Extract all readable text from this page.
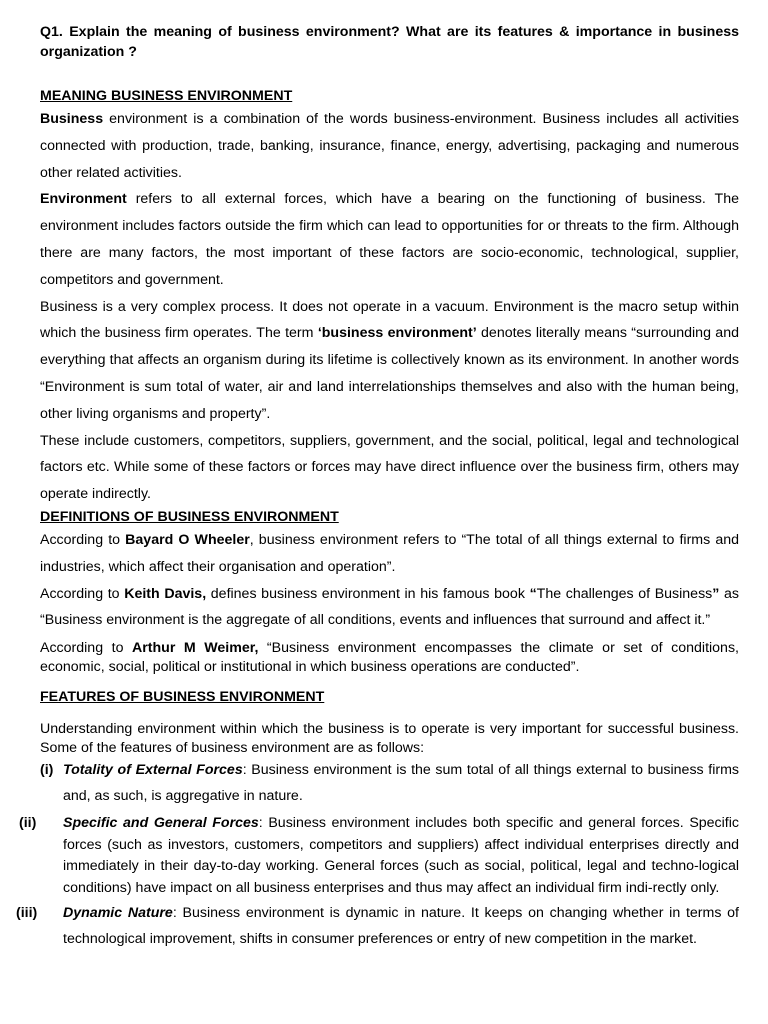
Q1. Explain the meaning of business environment? What are its features & importance in business organization ?

MEANING BUSINESS ENVIRONMENT

Business environment is a combination of the words business-environment. Business includes all activities connected with production, trade, banking, insurance, finance, energy, advertising, packaging and numerous other related activities.

Environment refers to all external forces, which have a bearing on the functioning of business. The environment includes factors outside the firm which can lead to opportunities for or threats to the firm. Although there are many factors, the most important of these factors are socio-economic, technological, supplier, competitors and government.

Business is a very complex process. It does not operate in a vacuum. Environment is the macro setup within which the business firm operates. The term ‘business environment’ denotes literally means “surrounding and everything that affects an organism during its lifetime is collectively known as its environment. In another words “Environment is sum total of water, air and land interrelationships themselves and also with the human being, other living organisms and property”.

These include customers, competitors, suppliers, government, and the social, political, legal and technological factors etc. While some of these factors or forces may have direct influence over the business firm, others may operate indirectly.

DEFINITIONS OF BUSINESS ENVIRONMENT

According to Bayard O Wheeler, business environment refers to “The total of all things external to firms and industries, which affect their organisation and operation”.

According to Keith Davis, defines business environment in his famous book “The challenges of Business” as “Business environment is the aggregate of all conditions, events and influences that surround and affect it.”

According to Arthur M Weimer, “Business environment encompasses the climate or set of conditions, economic, social, political or institutional in which business operations are conducted”.

FEATURES OF BUSINESS ENVIRONMENT

Understanding environment within which the business is to operate is very important for successful business. Some of the features of business environment are as follows:

(i) Totality of External Forces: Business environment is the sum total of all things external to business firms and, as such, is aggregative in nature.

(ii) Specific and General Forces: Business environment includes both specific and general forces. Specific forces (such as investors, customers, competitors and suppliers) affect individual enterprises directly and immediately in their day-to-day working. General forces (such as social, political, legal and techno-logical conditions) have impact on all business enterprises and thus may affect an individual firm indi-rectly only.

(iii) Dynamic Nature: Business environment is dynamic in nature. It keeps on changing whether in terms of technological improvement, shifts in consumer preferences or entry of new competition in the market.
